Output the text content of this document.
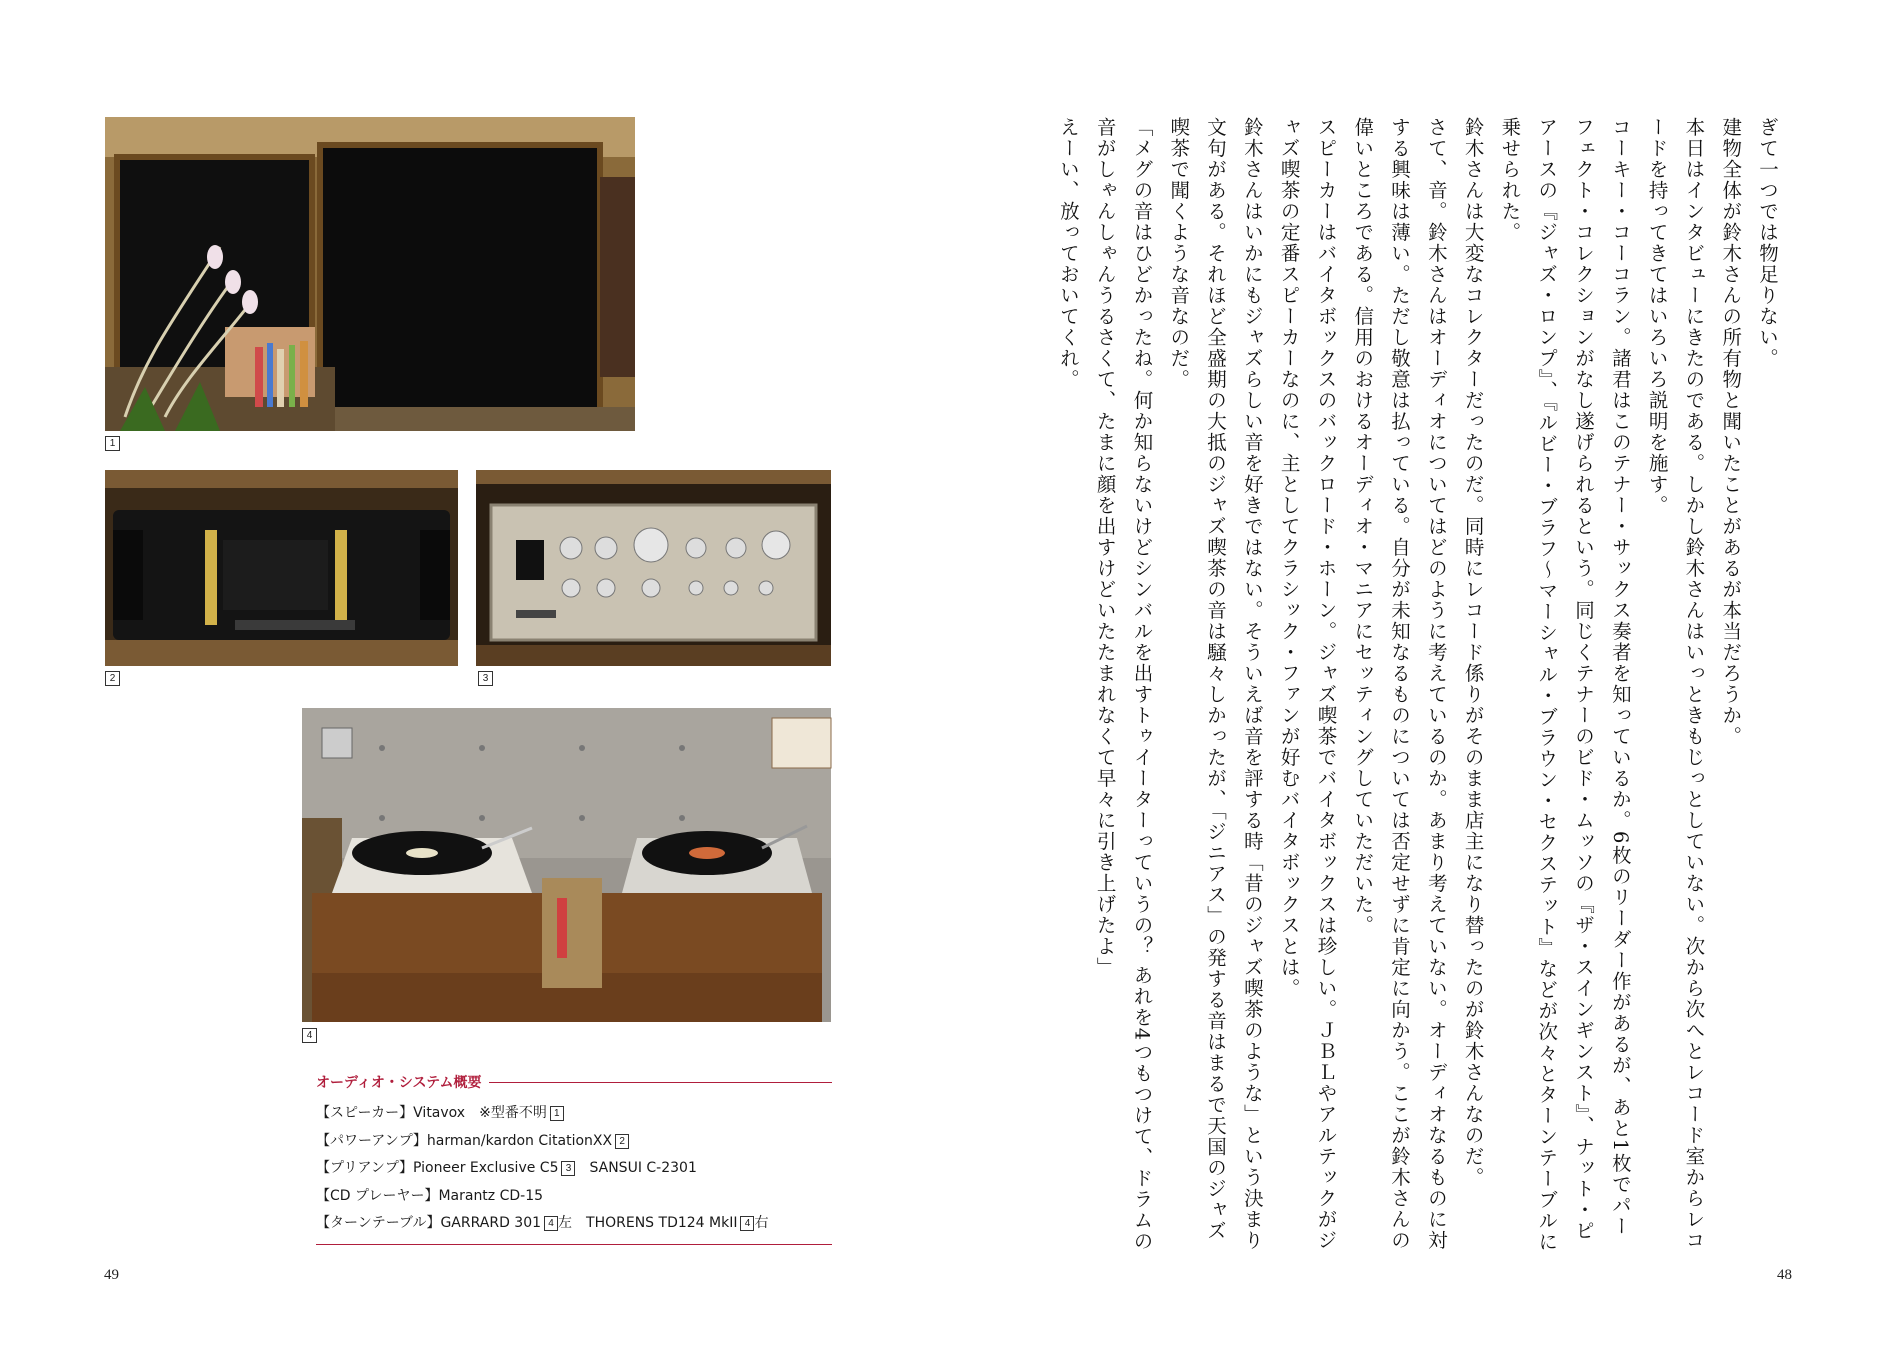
1
2	3
4
オーディオ・システム概要
【スピーカー】Vitavox　※型番不明 1
【パワーアンプ】harman/kardon CitationXX 2
【プリアンプ】Pioneer Exclusive C5 3　SANSUI C-2301
【CD プレーヤー】Marantz CD-15
【ターンテーブル】GARRARD 301 4 左　THORENS TD124 MkII 4 右
49

ぎて一つでは物足りない。

建物全体が鈴木さんの所有物と聞いたことがあるが本当だろうか。

本日はインタビューにきたのである。しかし鈴木さんはいっときもじっとしていない。次から次へとレコード室からレコードを持ってきてはいろいろ説明を施す。

コーキー・コーコラン。諸君はこのテナー・サックス奏者を知っているか。6枚のリーダー作があるが、あと1枚でパーフェクト・コレクションがなし遂げられるという。同じくテナーのビド・ムッソの『ザ・スインギンスト』、ナット・ピアースの『ジャズ・ロンプ』、『ルビー・ブラフ～マーシャル・ブラウン・セクステット』などが次々とターンテーブルに乗せられた。

鈴木さんは大変なコレクターだったのだ。同時にレコード係りがそのまま店主になり替ったのが鈴木さんなのだ。

さて、音。鈴木さんはオーディオについてはどのように考えているのか。あまり考えていない。オーディオなるものに対する興味は薄い。ただし敬意は払っている。自分が未知なるものについては否定せずに肯定に向かう。ここが鈴木さんの偉いところである。信用のおけるオーディオ・マニアにセッティングしていただいた。

スピーカーはバイタボックスのバックロード・ホーン。ジャズ喫茶でバイタボックスは珍しい。ＪＢＬやアルテックがジャズ喫茶の定番スピーカーなのに、主としてクラシック・ファンが好むバイタボックスとは。

鈴木さんはいかにもジャズらしい音を好きではない。そういえば音を評する時「昔のジャズ喫茶のような」という決まり文句がある。それほど全盛期の大抵のジャズ喫茶の音は騒々しかったが、「ジニアス」の発する音はまるで天国のジャズ喫茶で聞くような音なのだ。

「メグの音はひどかったね。何か知らないけどシンバルを出すトゥイーターっていうの？ あれを4つもつけて、ドラムの音がしゃんしゃんうるさくて、たまに顔を出すけどいたたまれなくて早々に引き上げたよ」

えーい、放っておいてくれ。

48
